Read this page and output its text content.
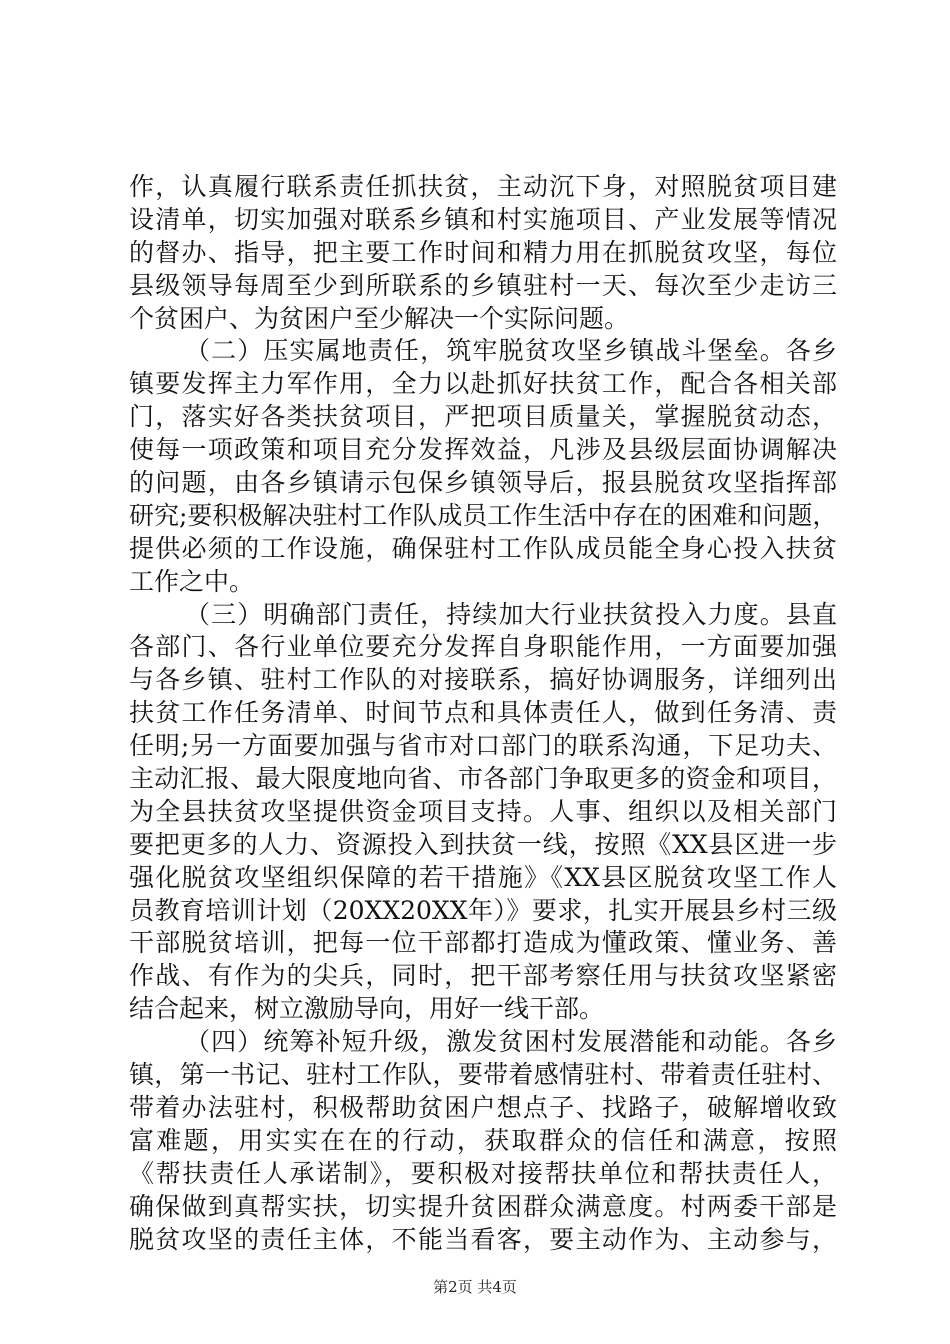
作，认真履行联系责任抓扶贫，主动沉下身，对照脱贫项目建
设清单，切实加强对联系乡镇和村实施项目、产业发展等情况
的督办、指导，把主要工作时间和精力用在抓脱贫攻坚，每位
县级领导每周至少到所联系的乡镇驻村一天、每次至少走访三
个贫困户、为贫困户至少解决一个实际问题。
（二）压实属地责任，筑牢脱贫攻坚乡镇战斗堡垒。各乡
镇要发挥主力军作用，全力以赴抓好扶贫工作，配合各相关部
门，落实好各类扶贫项目，严把项目质量关，掌握脱贫动态，
使每一项政策和项目充分发挥效益，凡涉及县级层面协调解决
的问题，由各乡镇请示包保乡镇领导后，报县脱贫攻坚指挥部
研究;要积极解决驻村工作队成员工作生活中存在的困难和问题，
提供必须的工作设施，确保驻村工作队成员能全身心投入扶贫
工作之中。
（三）明确部门责任，持续加大行业扶贫投入力度。县直
各部门、各行业单位要充分发挥自身职能作用，一方面要加强
与各乡镇、驻村工作队的对接联系，搞好协调服务，详细列出
扶贫工作任务清单、时间节点和具体责任人，做到任务清、责
任明;另一方面要加强与省市对口部门的联系沟通，下足功夫、
主动汇报、最大限度地向省、市各部门争取更多的资金和项目，
为全县扶贫攻坚提供资金项目支持。人事、组织以及相关部门
要把更多的人力、资源投入到扶贫一线，按照《XX县区进一步
强化脱贫攻坚组织保障的若干措施》《XX县区脱贫攻坚工作人
员教育培训计划（20XX20XX年）》要求，扎实开展县乡村三级
干部脱贫培训，把每一位干部都打造成为懂政策、懂业务、善
作战、有作为的尖兵，同时，把干部考察任用与扶贫攻坚紧密
结合起来，树立激励导向，用好一线干部。
（四）统筹补短升级，激发贫困村发展潜能和动能。各乡
镇，第一书记、驻村工作队，要带着感情驻村、带着责任驻村、
带着办法驻村，积极帮助贫困户想点子、找路子，破解增收致
富难题，用实实在在的行动，获取群众的信任和满意，按照
《帮扶责任人承诺制》，要积极对接帮扶单位和帮扶责任人，
确保做到真帮实扶，切实提升贫困群众满意度。村两委干部是
脱贫攻坚的责任主体，不能当看客，要主动作为、主动参与，
第2页 共4页
